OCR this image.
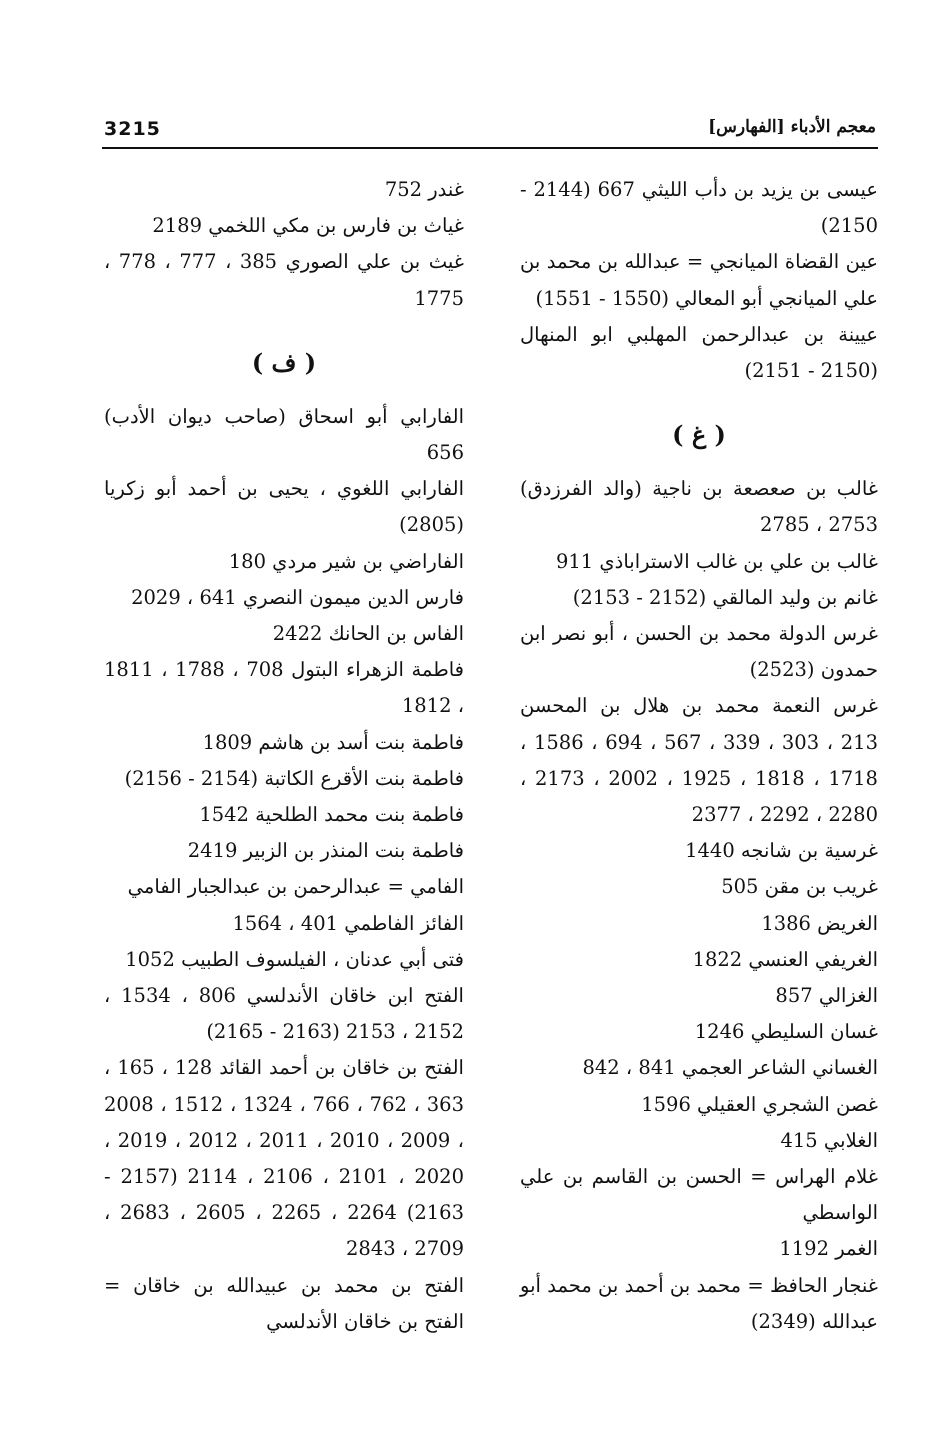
3215	معجم الأدباء [الفهارس]
عيسى بن يزيد بن دأب الليثي 667 (2144 - 2150)
عين القضاة الميانجي = عبدالله بن محمد بن علي الميانجي أبو المعالي (1550 - 1551)
عيينة بن عبدالرحمن المهلبي ابو المنهال (2150 - 2151)
( غ )
غالب بن صعصعة بن ناجية (والد الفرزدق) 2753 ، 2785
غالب بن علي بن غالب الاستراباذي 911
غانم بن وليد المالقي (2152 - 2153)
غرس الدولة محمد بن الحسن ، أبو نصر ابن حمدون (2523)
غرس النعمة محمد بن هلال بن المحسن 213 ، 303 ، 339 ، 567 ، 694 ، 1586 ، 1718 ، 1818 ، 1925 ، 2002 ، 2173 ، 2280 ، 2292 ، 2377
غرسية بن شانجه 1440
غريب بن مقن 505
الغريض 1386
الغريفي العنسي 1822
الغزالي 857
غسان السليطي 1246
الغساني الشاعر العجمي 841 ، 842
غصن الشجري العقيلي 1596
الغلابي 415
غلام الهراس = الحسن بن القاسم بن علي الواسطي
الغمر 1192
غنجار الحافظ = محمد بن أحمد بن محمد أبو عبدالله (2349)
غندر 752
غياث بن فارس بن مكي اللخمي 2189
غيث بن علي الصوري 385 ، 777 ، 778 ، 1775
( ف )
الفارابي أبو اسحاق (صاحب ديوان الأدب) 656
الفارابي اللغوي ، يحيى بن أحمد أبو زكريا (2805)
الفاراضي بن شير مردي 180
فارس الدين ميمون النصري 641 ، 2029
الفاس بن الحانك 2422
فاطمة الزهراء البتول 708 ، 1788 ، 1811 ، 1812
فاطمة بنت أسد بن هاشم 1809
فاطمة بنت الأقرع الكاتبة (2154 - 2156)
فاطمة بنت محمد الطلحية 1542
فاطمة بنت المنذر بن الزبير 2419
الفامي = عبدالرحمن بن عبدالجبار الفامي
الفائز الفاطمي 401 ، 1564
فتى أبي عدنان ، الفيلسوف الطبيب 1052
الفتح ابن خاقان الأندلسي 806 ، 1534 ، 2152 ، 2153 (2163 - 2165)
الفتح بن خاقان بن أحمد القائد 128 ، 165 ، 363 ، 762 ، 766 ، 1324 ، 1512 ، 2008 ، 2009 ، 2010 ، 2011 ، 2012 ، 2019 ، 2020 ، 2101 ، 2106 ، 2114 (2157 - 2163) 2264 ، 2265 ، 2605 ، 2683 ، 2709 ، 2843
الفتح بن محمد بن عبيدالله بن خاقان = الفتح بن خاقان الأندلسي
